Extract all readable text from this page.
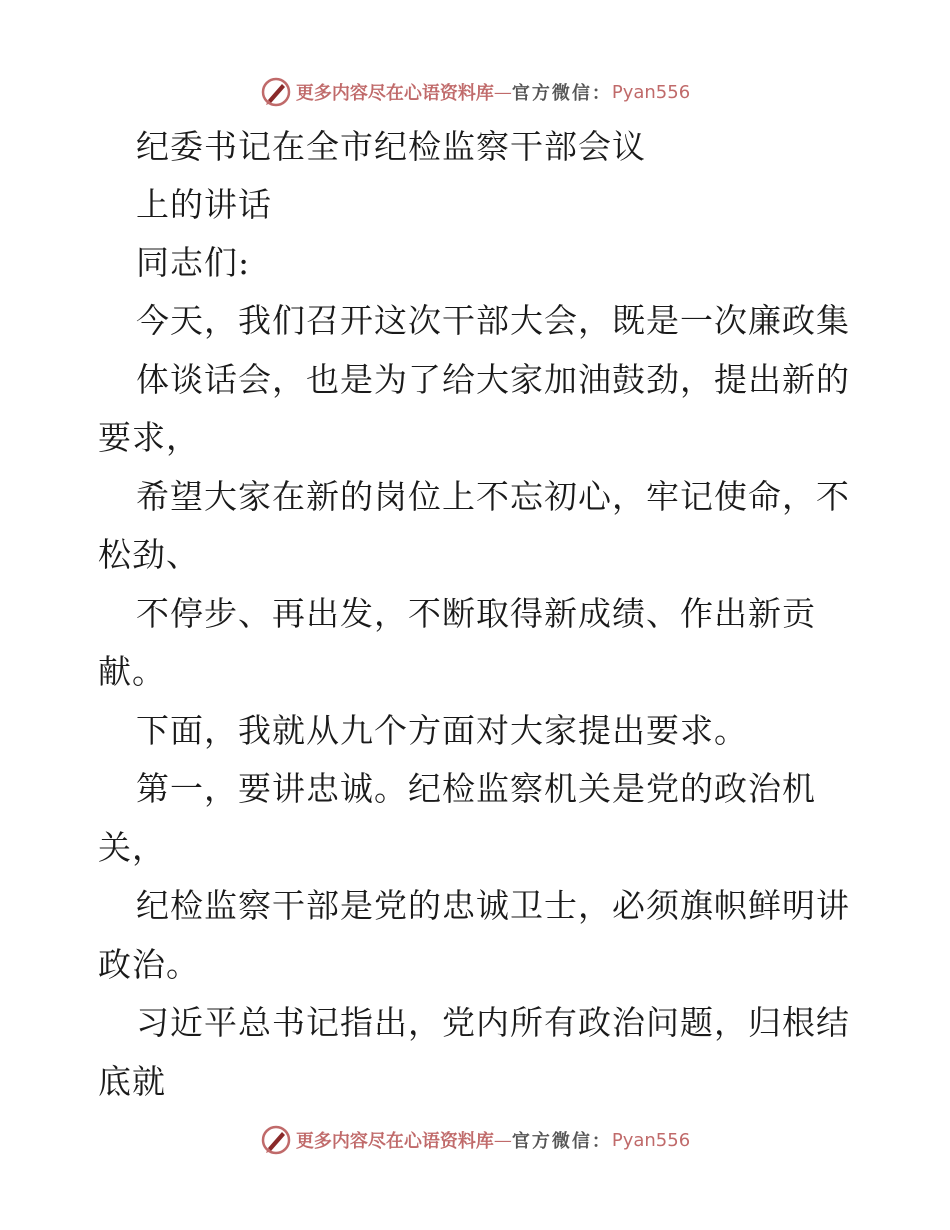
更多内容尽在心语资料库 — 官方微信： Pyan556
纪委书记在全市纪检监察干部会议
上的讲话
同志们:
今天，我们召开这次干部大会，既是一次廉政集
体谈话会，也是为了给大家加油鼓劲，提出新的
要求，
希望大家在新的岗位上不忘初心，牢记使命，不
松劲、
不停步、再出发，不断取得新成绩、作出新贡
献。
下面，我就从九个方面对大家提出要求。
第一，要讲忠诚。纪检监察机关是党的政治机
关，
纪检监察干部是党的忠诚卫士，必须旗帜鲜明讲
政治。
习近平总书记指出，党内所有政治问题，归根结
底就
更多内容尽在心语资料库 — 官方微信： Pyan556
